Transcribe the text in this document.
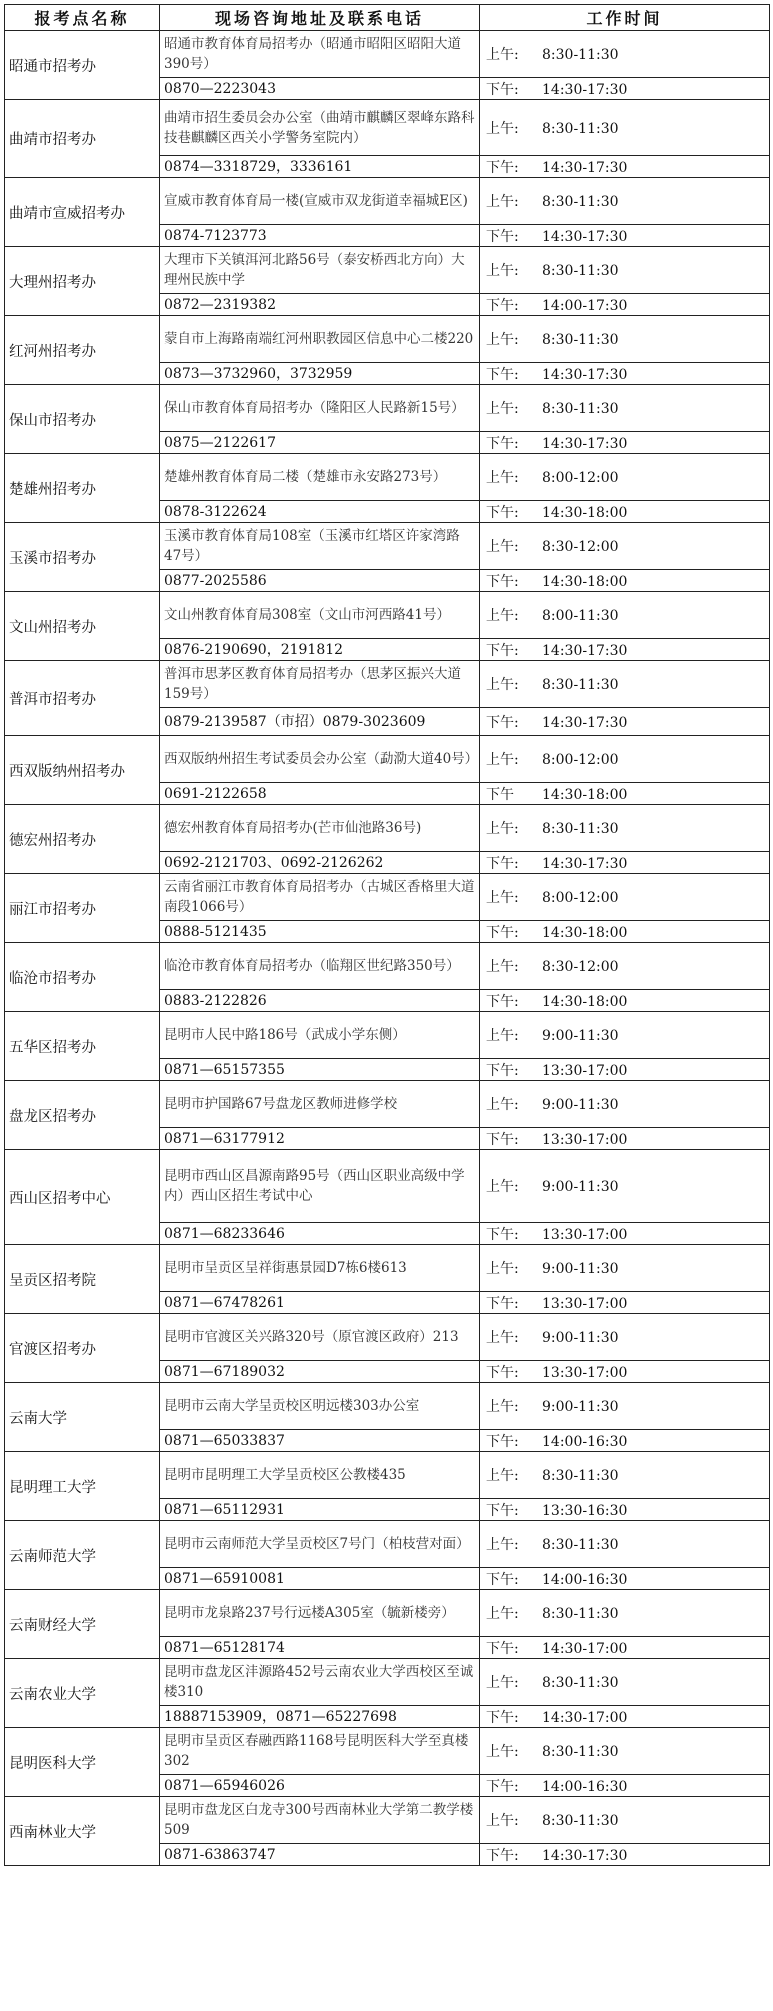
报考点名称	现场咨询地址及联系电话	工作时间
昭通市招考办	昭通市教育体育局招考办（昭通市昭阳区昭阳大道390号）	上午: 8:30-11:30
	0870—2223043	下午: 14:30-17:30
曲靖市招考办	曲靖市招生委员会办公室（曲靖市麒麟区翠峰东路科技巷麒麟区西关小学警务室院内）	上午: 8:30-11:30
	0874—3318729，3336161	下午: 14:30-17:30
曲靖市宣威招考办	宣威市教育体育局一楼(宣威市双龙街道幸福城E区)	上午: 8:30-11:30
	0874-7123773	下午: 14:30-17:30
大理州招考办	大理市下关镇洱河北路56号（泰安桥西北方向）大理州民族中学	上午: 8:30-11:30
	0872—2319382	下午: 14:00-17:30
红河州招考办	蒙自市上海路南端红河州职教园区信息中心二楼220	上午: 8:30-11:30
	0873—3732960，3732959	下午: 14:30-17:30
保山市招考办	保山市教育体育局招考办（隆阳区人民路新15号）	上午: 8:30-11:30
	0875—2122617	下午: 14:30-17:30
楚雄州招考办	楚雄州教育体育局二楼（楚雄市永安路273号）	上午: 8:00-12:00
	0878-3122624	下午: 14:30-18:00
玉溪市招考办	玉溪市教育体育局108室（玉溪市红塔区许家湾路47号）	上午: 8:30-12:00
	0877-2025586	下午: 14:30-18:00
文山州招考办	文山州教育体育局308室（文山市河西路41号）	上午: 8:00-11:30
	0876-2190690，2191812	下午: 14:30-17:30
普洱市招考办	普洱市思茅区教育体育局招考办（思茅区振兴大道159号）	上午: 8:30-11:30
	0879-2139587（市招）0879-3023609	下午: 14:30-17:30
西双版纳州招考办	西双版纳州招生考试委员会办公室（勐泐大道40号）	上午: 8:00-12:00
	0691-2122658	下午 14:30-18:00
德宏州招考办	德宏州教育体育局招考办(芒市仙池路36号)	上午: 8:30-11:30
	0692-2121703、0692-2126262	下午: 14:30-17:30
丽江市招考办	云南省丽江市教育体育局招考办（古城区香格里大道南段1066号）	上午: 8:00-12:00
	0888-5121435	下午: 14:30-18:00
临沧市招考办	临沧市教育体育局招考办（临翔区世纪路350号）	上午: 8:30-12:00
	0883-2122826	下午: 14:30-18:00
五华区招考办	昆明市人民中路186号（武成小学东侧）	上午: 9:00-11:30
	0871—65157355	下午: 13:30-17:00
盘龙区招考办	昆明市护国路67号盘龙区教师进修学校	上午: 9:00-11:30
	0871—63177912	下午: 13:30-17:00
西山区招考中心	昆明市西山区昌源南路95号（西山区职业高级中学内）西山区招生考试中心	上午: 9:00-11:30
	0871—68233646	下午: 13:30-17:00
呈贡区招考院	昆明市呈贡区呈祥街惠景园D7栋6楼613	上午: 9:00-11:30
	0871—67478261	下午: 13:30-17:00
官渡区招考办	昆明市官渡区关兴路320号（原官渡区政府）213	上午: 9:00-11:30
	0871—67189032	下午: 13:30-17:00
云南大学	昆明市云南大学呈贡校区明远楼303办公室	上午: 9:00-11:30
	0871—65033837	下午: 14:00-16:30
昆明理工大学	昆明市昆明理工大学呈贡校区公教楼435	上午: 8:30-11:30
	0871—65112931	下午: 13:30-16:30
云南师范大学	昆明市云南师范大学呈贡校区7号门（柏枝营对面）	上午: 8:30-11:30
	0871—65910081	下午: 14:00-16:30
云南财经大学	昆明市龙泉路237号行远楼A305室（毓新楼旁）	上午: 8:30-11:30
	0871—65128174	下午: 14:30-17:00
云南农业大学	昆明市盘龙区沣源路452号云南农业大学西校区至诚楼310	上午: 8:30-11:30
	18887153909，0871—65227698	下午: 14:30-17:00
昆明医科大学	昆明市呈贡区春融西路1168号昆明医科大学至真楼302	上午: 8:30-11:30
	0871—65946026	下午: 14:00-16:30
西南林业大学	昆明市盘龙区白龙寺300号西南林业大学第二教学楼509	上午: 8:30-11:30
	0871-63863747	下午: 14:30-17:30
